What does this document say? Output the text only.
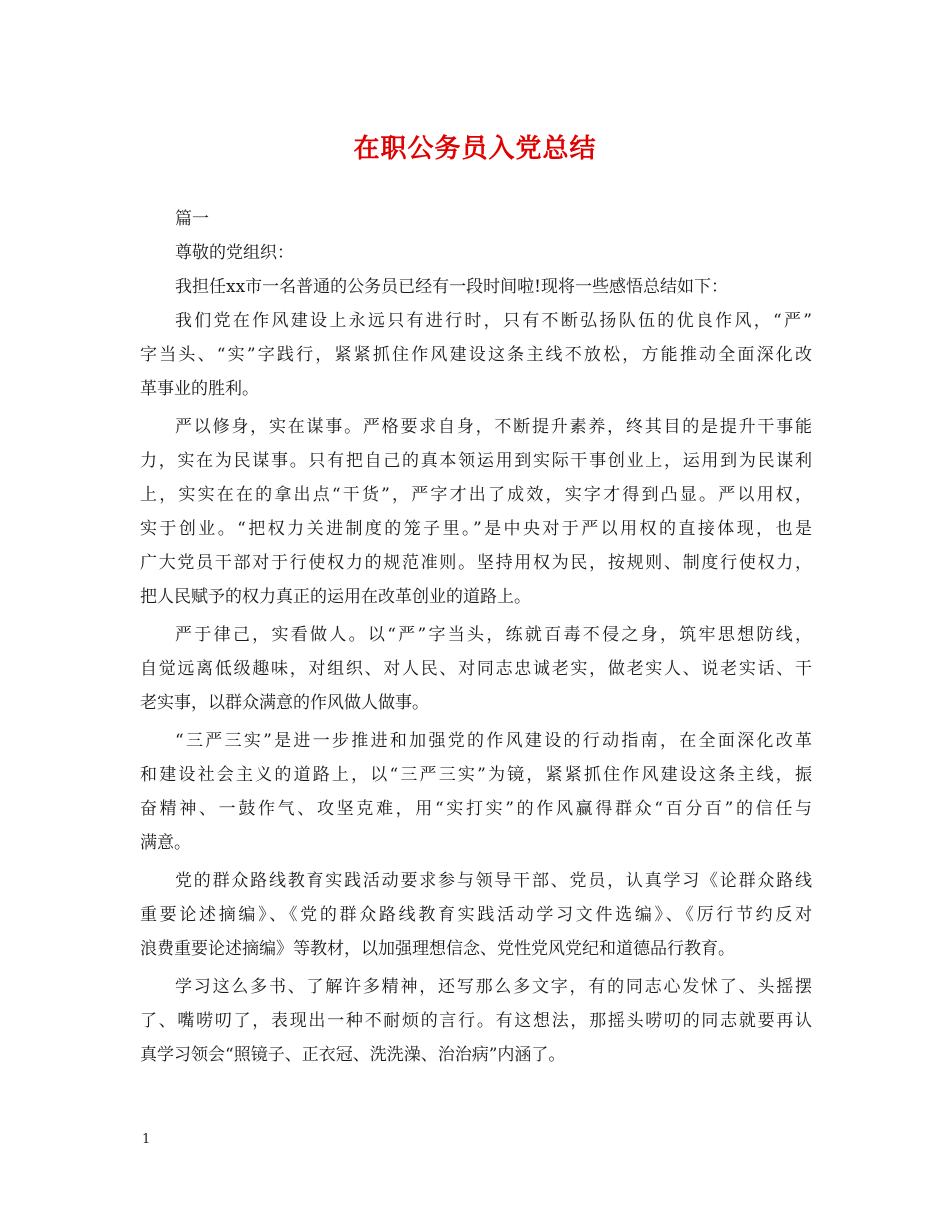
在职公务员入党总结
篇一
尊敬的党组织：
我担任xx市一名普通的公务员已经有一段时间啦!现将一些感悟总结如下：
我们党在作风建设上永远只有进行时，只有不断弘扬队伍的优良作风，“严”
字当头、“实”字践行，紧紧抓住作风建设这条主线不放松，方能推动全面深化改
革事业的胜利。
严以修身，实在谋事。严格要求自身，不断提升素养，终其目的是提升干事能
力，实在为民谋事。只有把自己的真本领运用到实际干事创业上，运用到为民谋利
上，实实在在的拿出点“干货”，严字才出了成效，实字才得到凸显。严以用权，
实于创业。“把权力关进制度的笼子里。”是中央对于严以用权的直接体现，也是
广大党员干部对于行使权力的规范准则。坚持用权为民，按规则、制度行使权力，
把人民赋予的权力真正的运用在改革创业的道路上。
严于律己，实看做人。以“严”字当头，练就百毒不侵之身，筑牢思想防线，
自觉远离低级趣味，对组织、对人民、对同志忠诚老实，做老实人、说老实话、干
老实事，以群众满意的作风做人做事。
“三严三实”是进一步推进和加强党的作风建设的行动指南，在全面深化改革
和建设社会主义的道路上，以“三严三实”为镜，紧紧抓住作风建设这条主线，振
奋精神、一鼓作气、攻坚克难，用“实打实”的作风赢得群众“百分百”的信任与
满意。
党的群众路线教育实践活动要求参与领导干部、党员，认真学习《论群众路线
重要论述摘编》、《党的群众路线教育实践活动学习文件选编》、《厉行节约反对
浪费重要论述摘编》等教材，以加强理想信念、党性党风党纪和道德品行教育。
学习这么多书、了解许多精神，还写那么多文字，有的同志心发怵了、头摇摆
了、嘴唠叨了，表现出一种不耐烦的言行。有这想法，那摇头唠叨的同志就要再认
真学习领会“照镜子、正衣冠、洗洗澡、治治病”内涵了。
1
